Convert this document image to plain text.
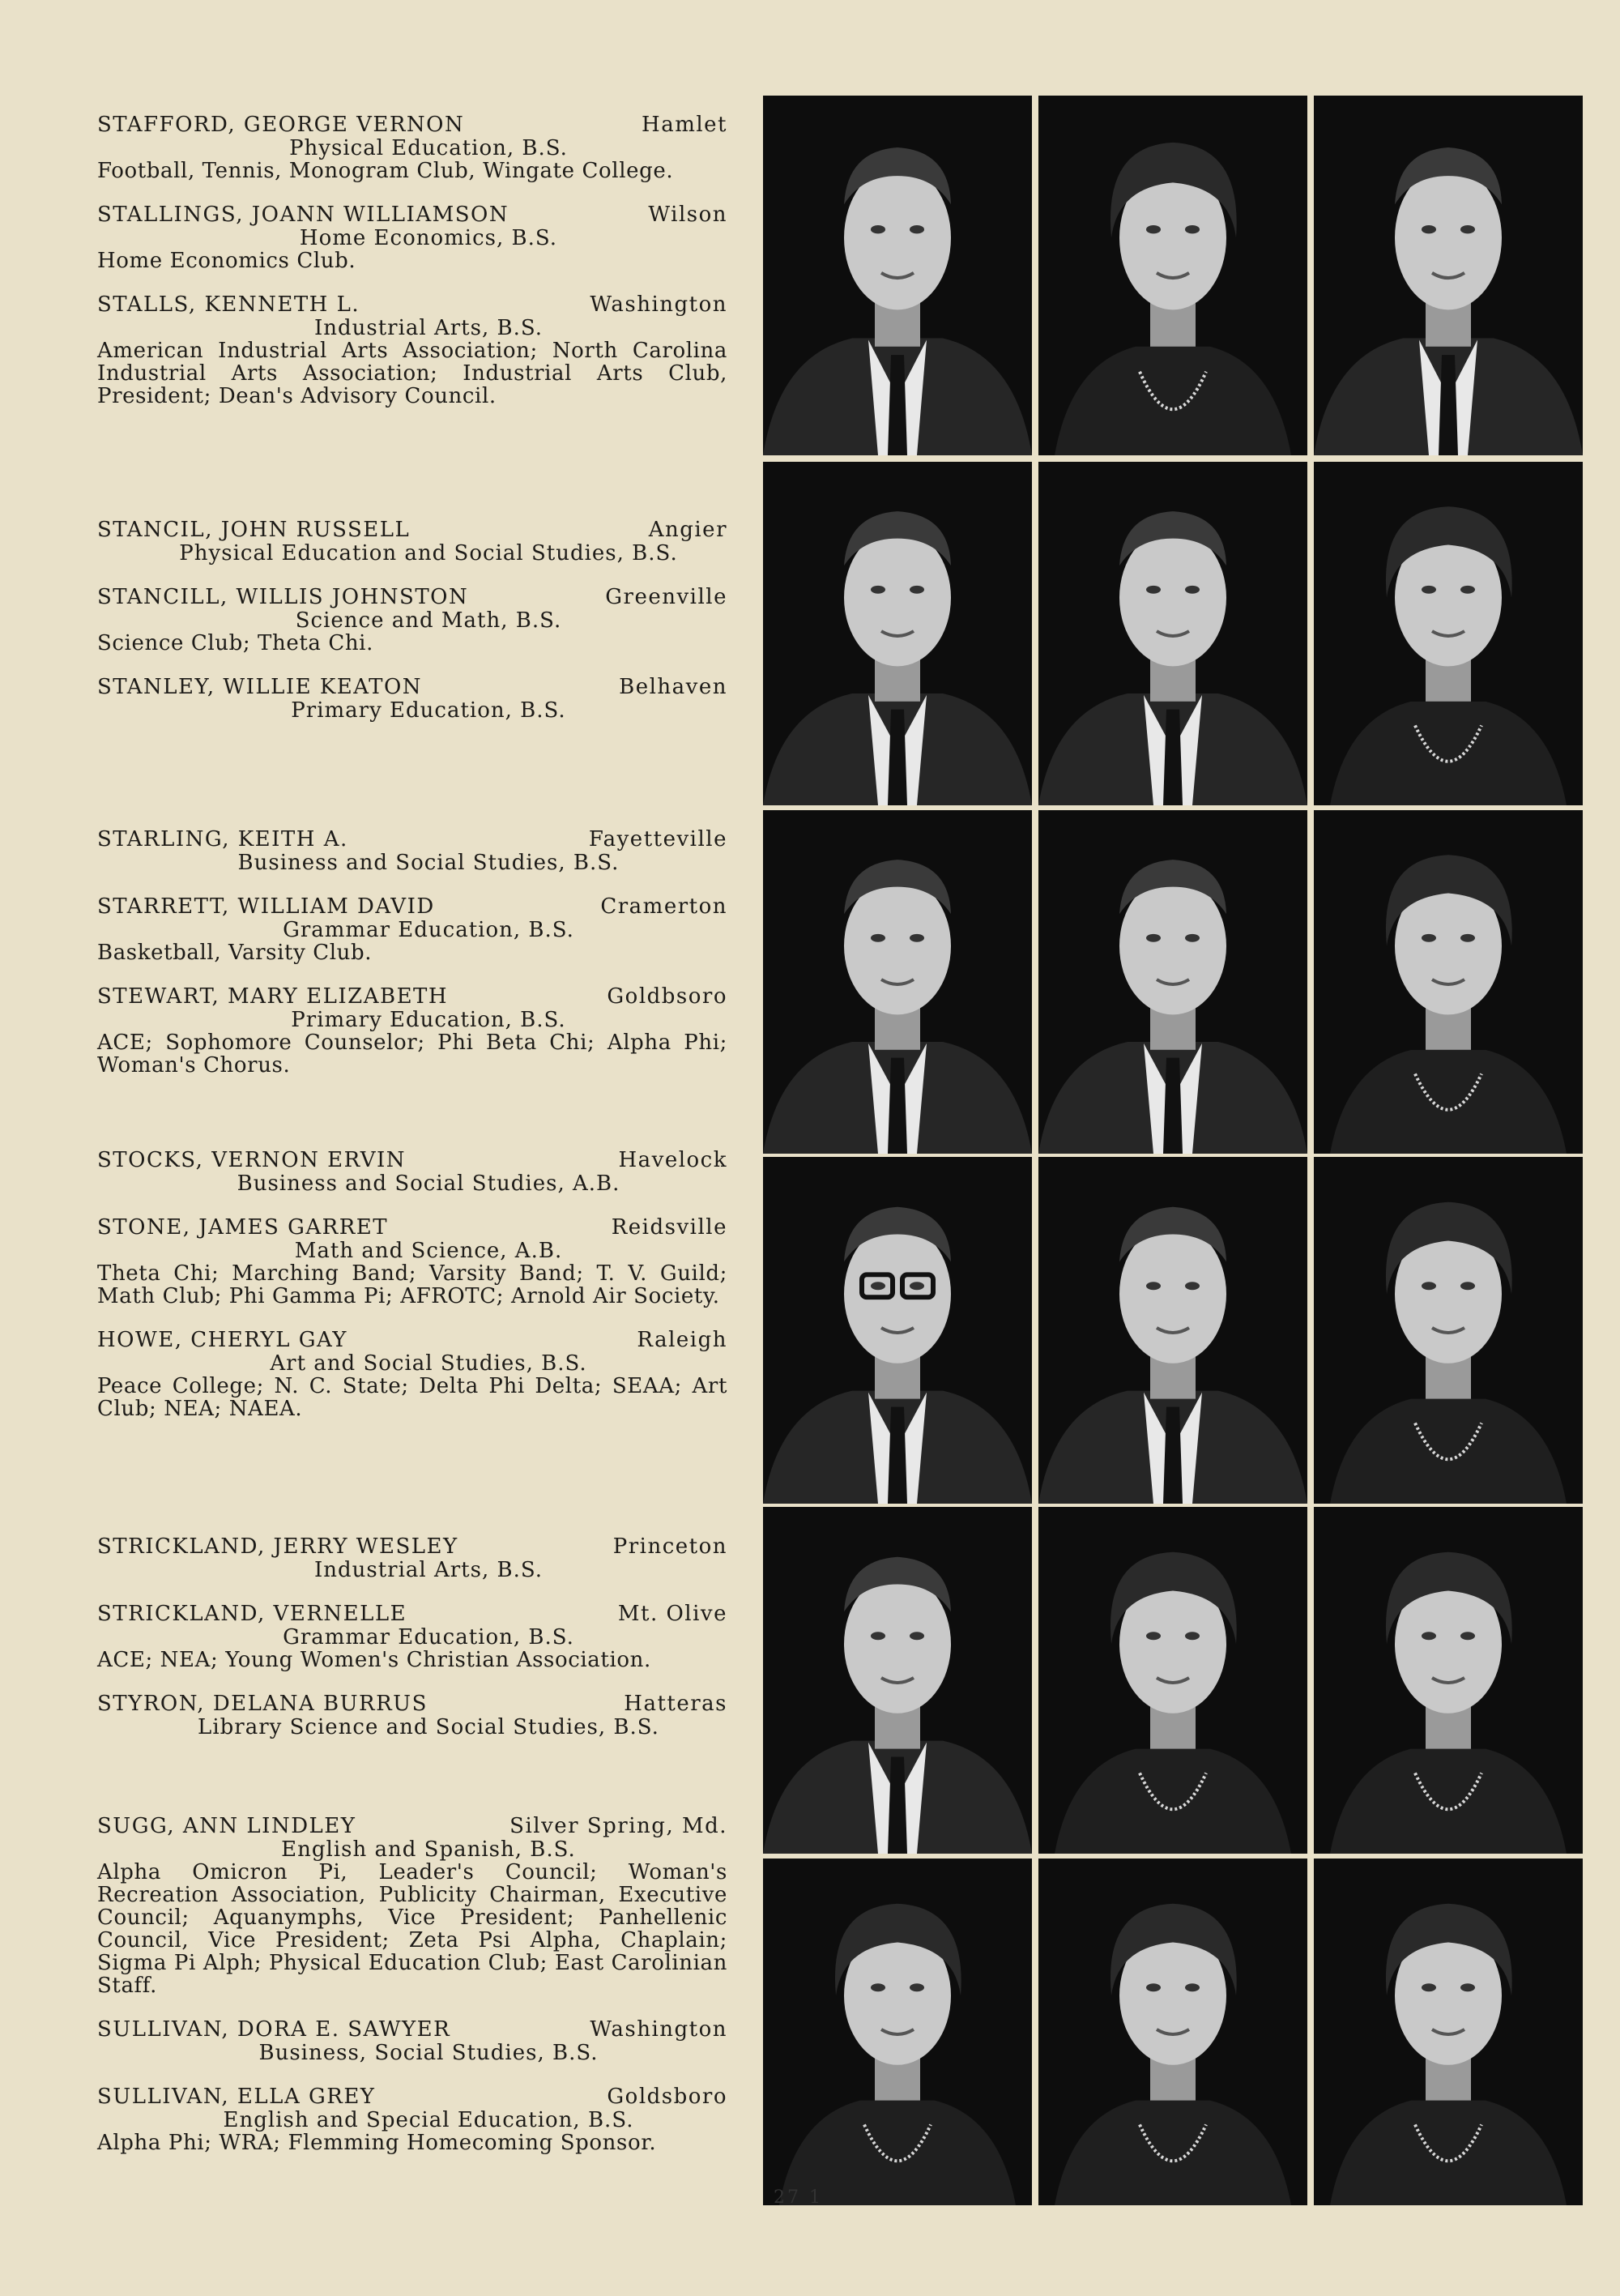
STAFFORD, GEORGE VERNON	Hamlet
Physical Education, B.S.
Football, Tennis, Monogram Club, Wingate College.
STALLINGS, JOANN WILLIAMSON	Wilson
Home Economics, B.S.
Home Economics Club.
STALLS, KENNETH L.	Washington
Industrial Arts, B.S.
American Industrial Arts Association; North Carolina Industrial Arts Association; Industrial Arts Club, President; Dean's Advisory Council.
STANCIL, JOHN RUSSELL	Angier
Physical Education and Social Studies, B.S.
STANCILL, WILLIS JOHNSTON	Greenville
Science and Math, B.S.
Science Club; Theta Chi.
STANLEY, WILLIE KEATON	Belhaven
Primary Education, B.S.
STARLING, KEITH A.	Fayetteville
Business and Social Studies, B.S.
STARRETT, WILLIAM DAVID	Cramerton
Grammar Education, B.S.
Basketball, Varsity Club.
STEWART, MARY ELIZABETH	Goldbsoro
Primary Education, B.S.
ACE; Sophomore Counselor; Phi Beta Chi; Alpha Phi; Woman's Chorus.
STOCKS, VERNON ERVIN	Havelock
Business and Social Studies, A.B.
STONE, JAMES GARRET	Reidsville
Math and Science, A.B.
Theta Chi; Marching Band; Varsity Band; T. V. Guild; Math Club; Phi Gamma Pi; AFROTC; Arnold Air Society.
HOWE, CHERYL GAY	Raleigh
Art and Social Studies, B.S.
Peace College; N. C. State; Delta Phi Delta; SEAA; Art Club; NEA; NAEA.
STRICKLAND, JERRY WESLEY	Princeton
Industrial Arts, B.S.
STRICKLAND, VERNELLE	Mt. Olive
Grammar Education, B.S.
ACE; NEA; Young Women's Christian Association.
STYRON, DELANA BURRUS	Hatteras
Library Science and Social Studies, B.S.
SUGG, ANN LINDLEY	Silver Spring, Md.
English and Spanish, B.S.
Alpha Omicron Pi, Leader's Council; Woman's Recreation Association, Publicity Chairman, Executive Council; Aquanymphs, Vice President; Panhellenic Council, Vice President; Zeta Psi Alpha, Chaplain; Sigma Pi Alph; Physical Education Club; East Carolinian Staff.
SULLIVAN, DORA E. SAWYER	Washington
Business, Social Studies, B.S.
SULLIVAN, ELLA GREY	Goldsboro
English and Special Education, B.S.
Alpha Phi; WRA; Flemming Homecoming Sponsor.
27 1
